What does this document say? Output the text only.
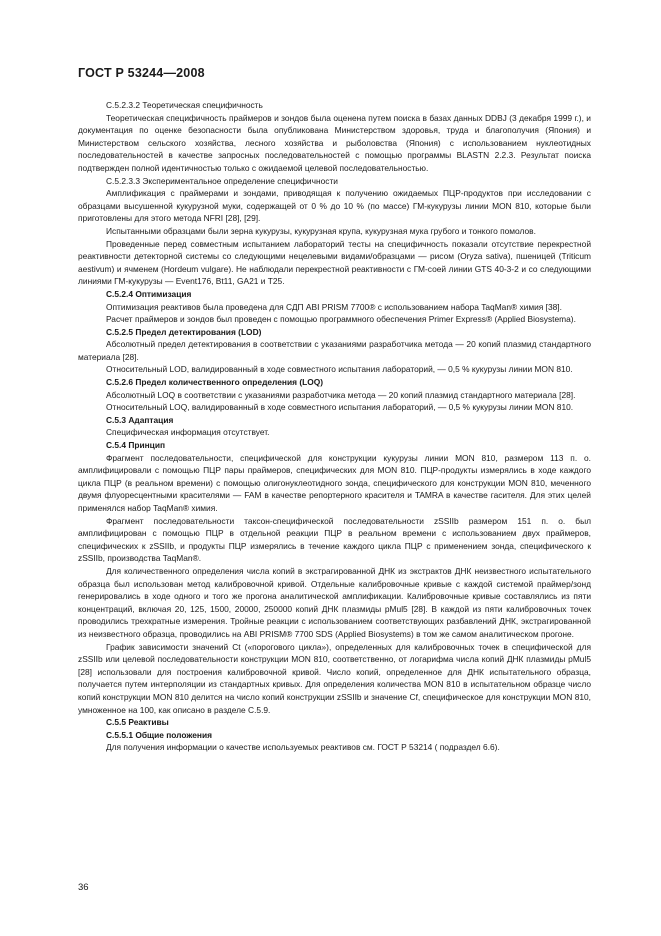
ГОСТ Р 53244—2008

C.5.2.3.2 Теоретическая специфичность

Теоретическая специфичность праймеров и зондов была оценена путем поиска в базах данных DDBJ (3 декабря 1999 г.), и документация по оценке безопасности была опубликована Министерством здоровья, труда и благополучия (Япония) и Министерством сельского хозяйства, лесного хозяйства и рыболовства (Япония) с использованием нуклеотидных последовательностей в качестве запросных последовательностей с помощью программы BLASTN 2.2.3. Результат поиска подтвержден полной идентичностью только с ожидаемой целевой последовательностью.

C.5.2.3.3 Экспериментальное определение специфичности

Амплификация с праймерами и зондами, приводящая к получению ожидаемых ПЦР-продуктов при исследовании с образцами высушенной кукурузной муки, содержащей от 0 % до 10 % (по массе) ГМ-кукурузы линии MON 810, которые были приготовлены для этого метода NFRI [28], [29].

Испытанными образцами были зерна кукурузы, кукурузная крупа, кукурузная мука грубого и тонкого помолов.

Проведенные перед совместным испытанием лабораторий тесты на специфичность показали отсутствие перекрестной реактивности детекторной системы со следующими нецелевыми видами/образцами — рисом (Oryza sativa), пшеницей (Triticum aestivum) и ячменем (Hordeum vulgare). Не наблюдали перекрестной реактивности с ГМ-соей линии GTS 40-3-2 и со следующими линиями ГМ-кукурузы — Event176, Bt11, GA21 и T25.

C.5.2.4 Оптимизация

Оптимизация реактивов была проведена для СДП ABI PRISM 7700® с использованием набора TaqMan® химия [38].

Расчет праймеров и зондов был проведен с помощью программного обеспечения Primer Express® (Applied Biosystema).

C.5.2.5 Предел детектирования (LOD)

Абсолютный предел детектирования в соответствии с указаниями разработчика метода — 20 копий плазмид стандартного материала [28].

Относительный LOD, валидированный в ходе совместного испытания лабораторий, — 0,5 % кукурузы линии MON 810.

C.5.2.6 Предел количественного определения (LOQ)

Абсолютный LOQ в соответствии с указаниями разработчика метода — 20 копий плазмид стандартного материала [28].

Относительный LOQ, валидированный в ходе совместного испытания лабораторий, — 0,5 % кукурузы линии MON 810.

C.5.3 Адаптация

Специфическая информация отсутствует.

C.5.4 Принцип

Фрагмент последовательности, специфической для конструкции кукурузы линии MON 810, размером 113 п. о. амплифицировали с помощью ПЦР пары праймеров, специфических для MON 810. ПЦР-продукты измерялись в ходе каждого цикла ПЦР (в реальном времени) с помощью олигонуклеотидного зонда, специфического для конструкции MON 810, меченного двумя флуоресцентными красителями — FAM в качестве репортерного красителя и TAMRA в качестве гасителя. Для этих целей применялся набор TaqMan® химия.

Фрагмент последовательности таксон-специфической последовательности zSSIIb размером 151 п. о. был амплифицирован с помощью ПЦР в отдельной реакции ПЦР в реальном времени с использованием двух праймеров, специфических к zSSIIb, и продукты ПЦР измерялись в течение каждого цикла ПЦР с применением зонда, специфического к zSSIIb, производства TaqMan®.

Для количественного определения числа копий в экстрагированной ДНК из экстрактов ДНК неизвестного испытательного образца был использован метод калибровочной кривой. Отдельные калибровочные кривые с каждой системой праймер/зонд генерировались в ходе одного и того же прогона аналитической амплификации. Калибровочные кривые составлялись из пяти концентраций, включая 20, 125, 1500, 20000, 250000 копий ДНК плазмиды pMul5 [28]. В каждой из пяти калибровочных точек проводились трехкратные измерения. Тройные реакции с использованием соответствующих разбавлений ДНК, экстрагированной из неизвестного образца, проводились на ABI PRISM® 7700 SDS (Applied Biosystems) в том же самом аналитическом прогоне.

График зависимости значений Ct («порогового цикла»), определенных для калибровочных точек в специфической для zSSIIb или целевой последовательности конструкции MON 810, соответственно, от логарифма числа копий ДНК плазмиды pMul5 [28] использовали для построения калибровочной кривой. Число копий, определенное для ДНК испытательного образца, получается путем интерполяции из стандартных кривых. Для определения количества MON 810 в испытательном образце число копий конструкции MON 810 делится на число копий конструкции zSSIIb и значение Cf, специфическое для конструкции MON 810, умноженное на 100, как описано в разделе C.5.9.

C.5.5 Реактивы

C.5.5.1 Общие положения

Для получения информации о качестве используемых реактивов см. ГОСТ Р 53214 ( подраздел 6.6).

36
